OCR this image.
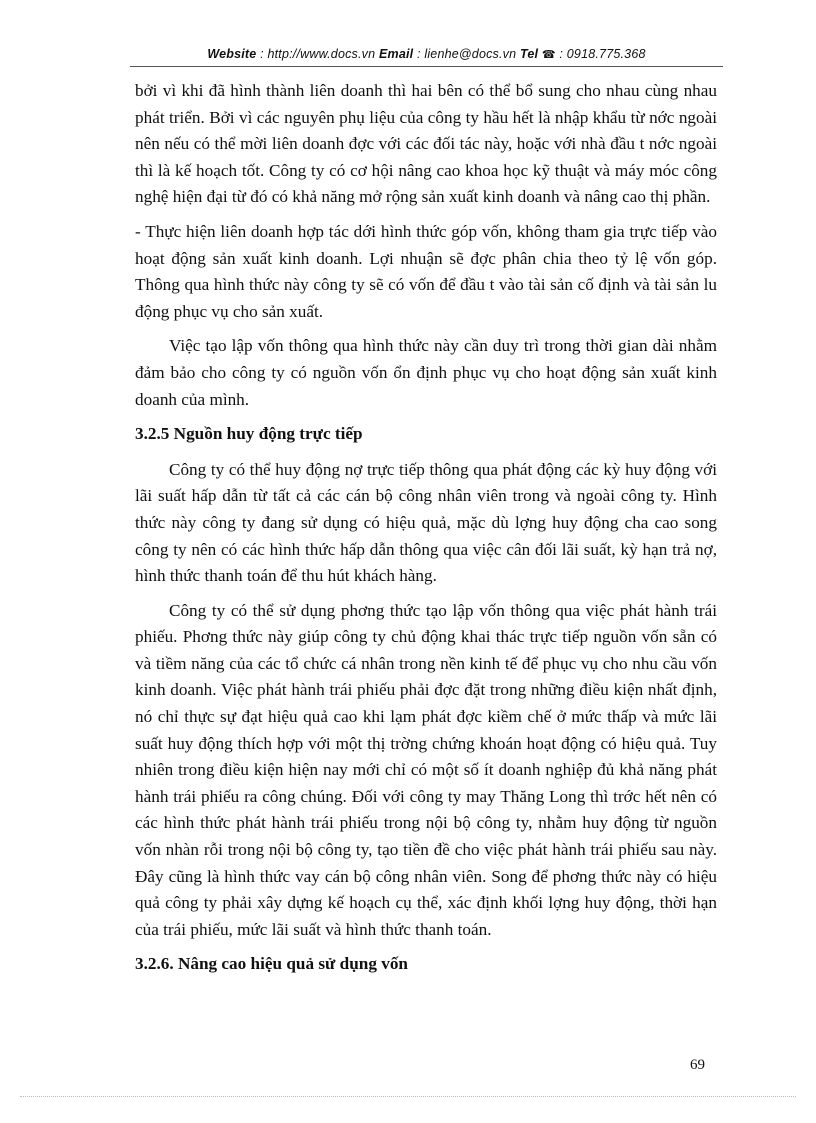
Website : http://www.docs.vn Email : lienhe@docs.vn Tel ☎ : 0918.775.368

bởi vì khi đã hình thành liên doanh thì hai bên có thể bổ sung cho nhau cùng nhau phát triển. Bởi vì các nguyên phụ liệu của công ty hầu hết là nhập khẩu từ nớc ngoài nên nếu có thể mời liên doanh đợc với các đối tác này, hoặc với nhà đầu t nớc ngoài thì là kế hoạch tốt. Công ty có cơ hội nâng cao khoa học kỹ thuật và máy móc công nghệ hiện đại từ đó có khả năng mở rộng sản xuất kinh doanh và nâng cao thị phần.

- Thực hiện liên doanh hợp tác dới hình thức góp vốn, không tham gia trực tiếp vào hoạt động sản xuất kinh doanh. Lợi nhuận sẽ đợc phân chia theo tỷ lệ vốn góp. Thông qua hình thức này công ty sẽ có vốn để đầu t vào tài sản cố định và tài sản lu động phục vụ cho sản xuất.

Việc tạo lập vốn thông qua hình thức này cần duy trì trong thời gian dài nhằm đảm bảo cho công ty có nguồn vốn ổn định phục vụ cho hoạt động sản xuất kinh doanh của mình.

3.2.5 Nguồn huy động trực tiếp

Công ty có thể huy động nợ trực tiếp thông qua phát động các kỳ huy động với lãi suất hấp dẫn từ tất cả các cán bộ công nhân viên trong và ngoài công ty. Hình thức này công ty đang sử dụng có hiệu quả, mặc dù lợng huy động cha cao song công ty nên có các hình thức hấp dẫn thông qua việc cân đối lãi suất, kỳ hạn trả nợ, hình thức thanh toán để thu hút khách hàng.

Công ty có thể sử dụng phơng thức tạo lập vốn thông qua việc phát hành trái phiếu. Phơng thức này giúp công ty chủ động khai thác trực tiếp nguồn vốn sẵn có và tiềm năng của các tổ chức cá nhân trong nền kinh tế để phục vụ cho nhu cầu vốn kinh doanh. Việc phát hành trái phiếu phải đợc đặt trong những điều kiện nhất định, nó chỉ thực sự đạt hiệu quả cao khi lạm phát đợc kiềm chế ở mức thấp và mức lãi suất huy động thích hợp với một thị trờng chứng khoán hoạt động có hiệu quả. Tuy nhiên trong điều kiện hiện nay mới chỉ có một số ít doanh nghiệp đủ khả năng phát hành trái phiếu ra công chúng. Đối với công ty may Thăng Long thì trớc hết nên có các hình thức phát hành trái phiếu trong nội bộ công ty, nhằm huy động từ nguồn vốn nhàn rỗi trong nội bộ công ty, tạo tiền đề cho việc phát hành trái phiếu sau này. Đây cũng là hình thức vay cán bộ công nhân viên. Song để phơng thức này có hiệu quả công ty phải xây dựng kế hoạch cụ thể, xác định khối lợng huy động, thời hạn của trái phiếu, mức lãi suất và hình thức thanh toán.

3.2.6. Nâng cao hiệu quả sử dụng vốn
69
